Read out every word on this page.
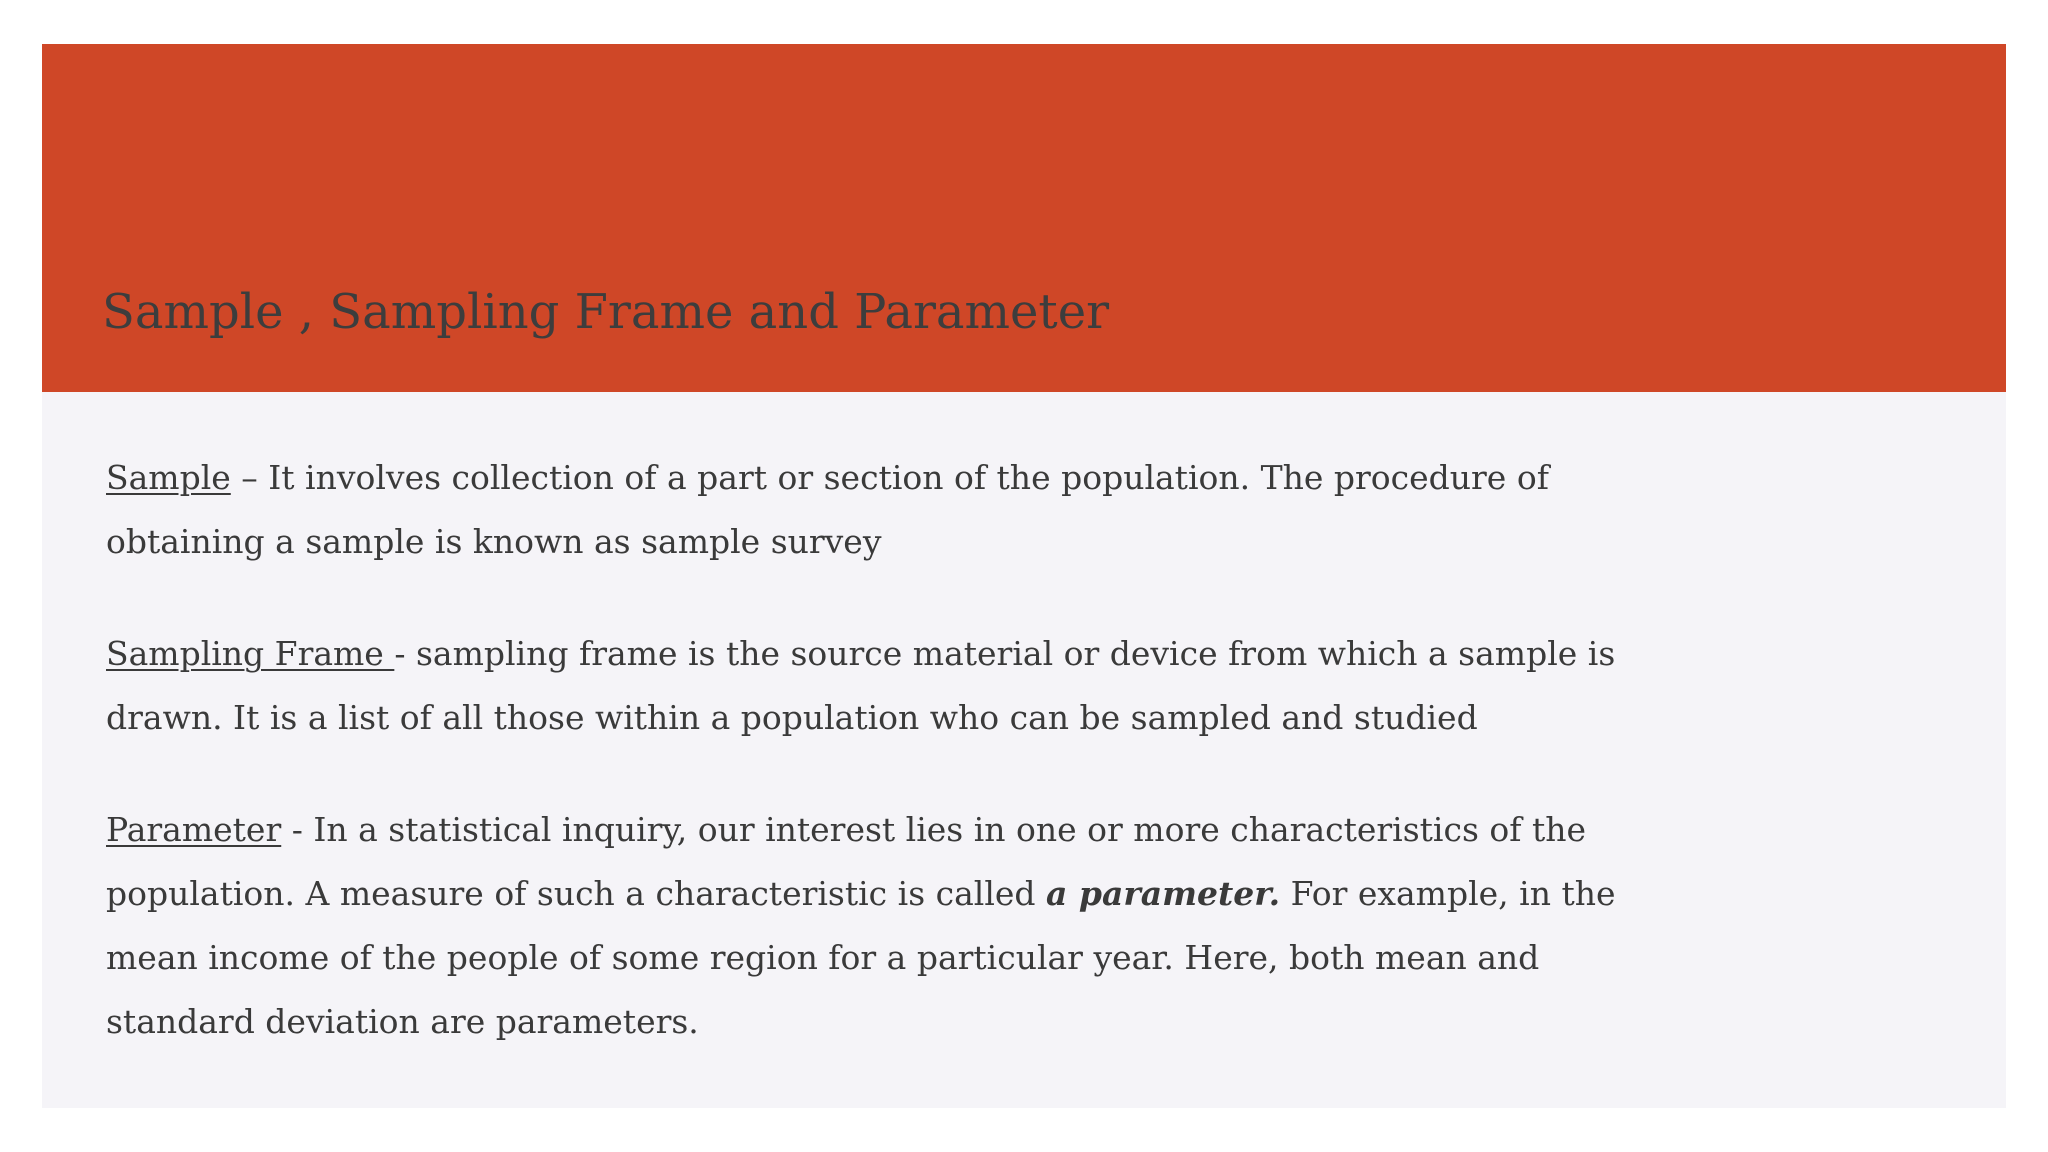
Sample , Sampling Frame and Parameter

Sample – It involves collection of a part or section of the population. The procedure of obtaining a sample is known as sample survey

Sampling Frame - sampling frame is the source material or device from which a sample is drawn. It is a list of all those within a population who can be sampled and studied

Parameter - In a statistical inquiry, our interest lies in one or more characteristics of the population. A measure of such a characteristic is called a parameter. For example, in the mean income of the people of some region for a particular year. Here, both mean and standard deviation are parameters.
